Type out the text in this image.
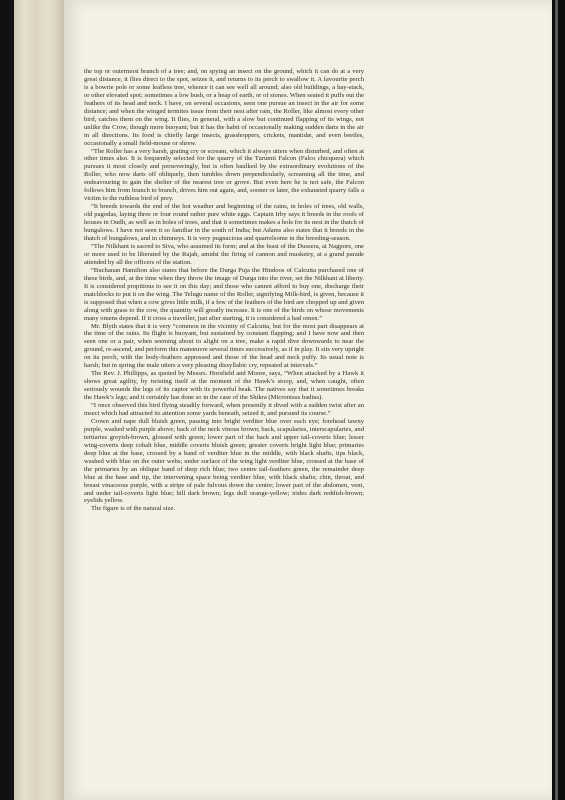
the top or outermost branch of a tree; and, on spying an insect on the ground, which it can do at a very great distance, it flies direct to the spot, seizes it, and returns to its perch to swallow it. A favourite perch is a bowrie pole or some leafless tree, whence it can see well all around; also old buildings, a hay-stack, or other elevated spot; sometimes a low bush, or a heap of earth, or of stones. When seated it puffs out the feathers of its head and neck. I have, on several occasions, seen one pursue an insect in the air for some distance; and when the winged termites issue from their nest after rain, the Roller, like almost every other bird, catches them on the wing. It flies, in general, with a slow but continued flapping of its wings, not unlike the Crow, though more buoyant; but it has the habit of occasionally making sudden darts in the air in all directions. Its food is chiefly large insects, grasshoppers, crickets, mantidæ, and even beetles, occasionally a small field-mouse or shrew.

“The Roller has a very harsh, grating cry or scream, which it always utters when disturbed, and often at other times also. It is frequently selected for the quarry of the Turumti Falcon (Falco chicquera) which pursues it most closely and perseveringly, but is often baulked by the extraordinary evolutions of the Roller, who now darts off obliquely, then tumbles down perpendicularly, screaming all the time, and endeavouring to gain the shelter of the nearest tree or grove. But even here he is not safe, the Falcon follows him from branch to branch, drives him out again, and, sooner or later, the exhausted quarry falls a victim to the ruthless bird of prey.

“It breeds towards the end of the hot weather and beginning of the rains, in holes of trees, old walls, old pagodas, laying three or four round rather pure white eggs. Captain Irby says it breeds in the roofs of houses in Oudh, as well as in holes of trees, and that it sometimes makes a hole for its nest in the thatch of bungalows. I have not seen it so familiar in the south of India; but Adams also states that it breeds in the thatch of bungalows, and in chimneys. It is very pugnacious and quarrelsome in the breeding-season.

“The Nilkhant is sacred to Siva, who assumed its form; and at the feast of the Dussera, at Nagpore, one or more used to be liberated by the Rajah, amidst the firing of cannon and musketry, at a grand parade attended by all the officers of the station.

“Buchanan Hamilton also states that before the Durga Puja the Hindoos of Calcutta purchased one of these birds, and, at the time when they throw the image of Durga into the river, set the Nilkhant at liberty. It is considered propitious to see it on this day; and those who cannot afford to buy one, discharge their matchlocks to put it on the wing. The Telugu name of the Roller, signifying Milk-bird, is given, because it is supposed that when a cow gives little milk, if a few of the feathers of the bird are chopped up and given along with grass to the cow, the quantity will greatly increase. It is one of the birds on whose movements many omens depend. If it cross a traveller, just after starting, it is considered a bad omen.”

Mr. Blyth states that it is very “common in the vicinity of Calcutta, but for the most part disappears at the time of the rains. Its flight is buoyant, but sustained by constant flapping; and I have now and then seen one or a pair, when seeming about to alight on a tree, make a rapid dive downwards to near the ground, re-ascend, and perform this manœuvre several times successively, as if in play. It sits very upright on its perch, with the body-feathers appressed and those of the head and neck puffy. Its usual note is harsh; but in spring the male utters a very pleasing dissyllabic cry, repeated at intervals.”

The Rev. J. Phillipps, as quoted by Messrs. Horsfield and Moore, says, “When attacked by a Hawk it shows great agility, by twisting itself at the moment of the Hawk’s stoop, and, when caught, often seriously wounds the legs of its captor with its powerful beak. The natives say that it sometimes breaks the Hawk’s legs; and it certainly has done so in the case of the Shikra (Micronisus badius).

“I once observed this bird flying steadily forward, when presently it dived with a sudden twist after an insect which had attracted its attention some yards beneath, seized it, and pursued its course.”

Crown and nape dull bluish green, passing into bright verditer blue over each eye; forehead tawny purple, washed with purple above; back of the neck vinous brown; back, scapularies, interscapularies, and tertiaries greyish-brown, glossed with green; lower part of the back and upper tail-coverts blue; lesser wing-coverts deep cobalt blue, middle coverts bluish green; greater coverts bright light blue; primaries deep blue at the base, crossed by a band of verditer blue in the middle, with black shafts, tips black, washed with blue on the outer webs; under surface of the wing light verditer blue, crossed at the base of the primaries by an oblique band of deep rich blue; two centre tail-feathers green, the remainder deep blue at the base and tip, the intervening space being verditer blue, with black shafts; chin, throat, and breast vinaceous purple, with a stripe of pale fulvous down the centre; lower part of the abdomen, vent, and under tail-coverts light blue; bill dark brown; legs dull orange-yellow; irides dark reddish-brown; eyelids yellow.

The figure is of the natural size.
